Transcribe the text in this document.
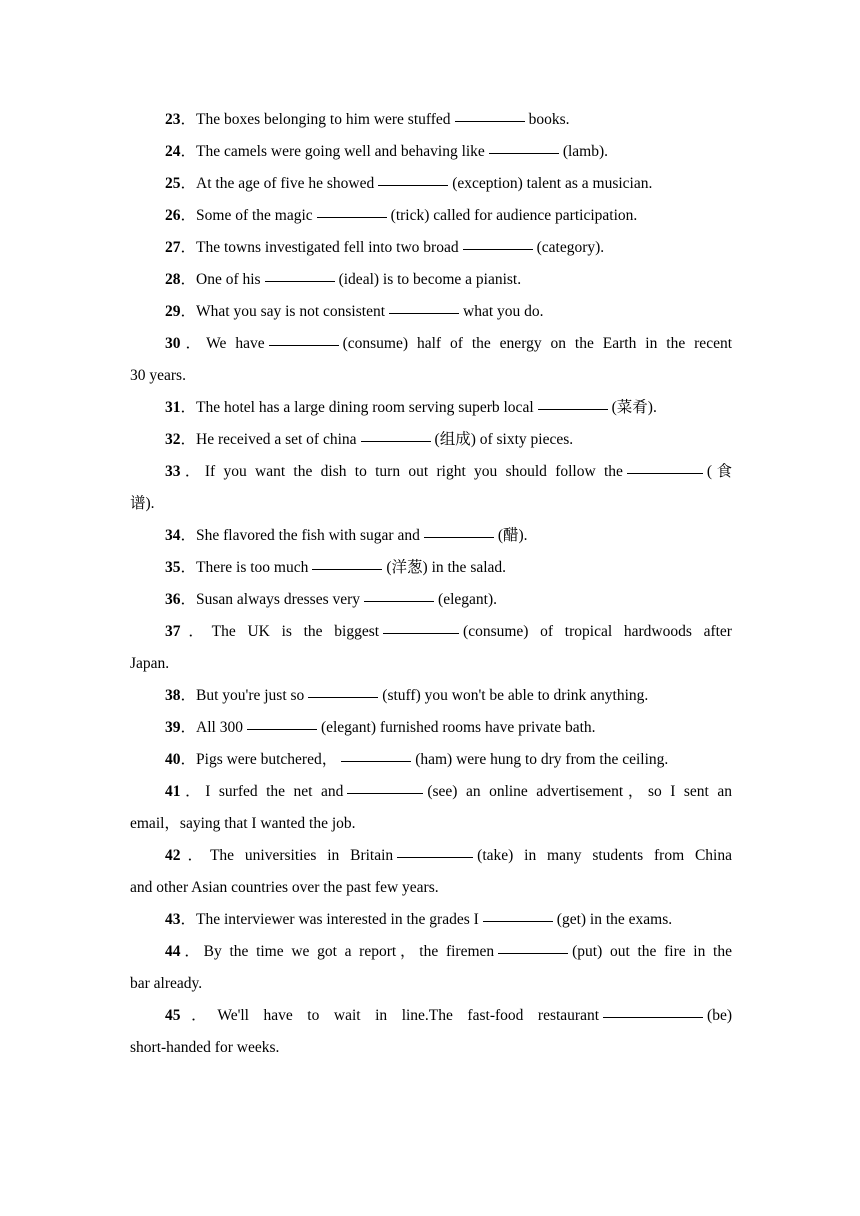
23．The boxes belonging to him were stuffed	books.
24．The camels were going well and behaving like	(lamb).
25．At the age of five he showed	(exception) talent as a musician.
26．Some of the magic	(trick) called for audience participation.
27．The towns investigated fell into two broad	(category).
28．One of his	(ideal) is to become a pianist.
29．What you say is not consistent	what you do.
30．We have	(consume) half of the energy on the Earth in the recent
30 years.
31．The hotel has a large dining room serving superb local	(菜肴).
32．He received a set of china	(组成) of sixty pieces.
33．If you want the dish to turn out right you should follow the	(食
谱).
34．She flavored the fish with sugar and	(醋).
35．There is too much	(洋葱) in the salad.
36．Susan always dresses very	(elegant).
37．The UK is the biggest	(consume) of tropical hardwoods after
Japan.
38．But you're just so	(stuff) you won't be able to drink anything.
39．All 300	(elegant) furnished rooms have private bath.
40．Pigs were butchered，	(ham) were hung to dry from the ceiling.
41．I surfed the net and	(see) an online advertisement，so I sent an
email，saying that I wanted the job.
42．The universities in Britain	(take) in many students from China
and other Asian countries over the past few years.
43．The interviewer was interested in the grades I	(get) in the exams.
44．By the time we got a report，the firemen	(put) out the fire in the
bar already.
45．We'll have to wait in line.The fast-food restaurant	(be)
short-handed for weeks.
